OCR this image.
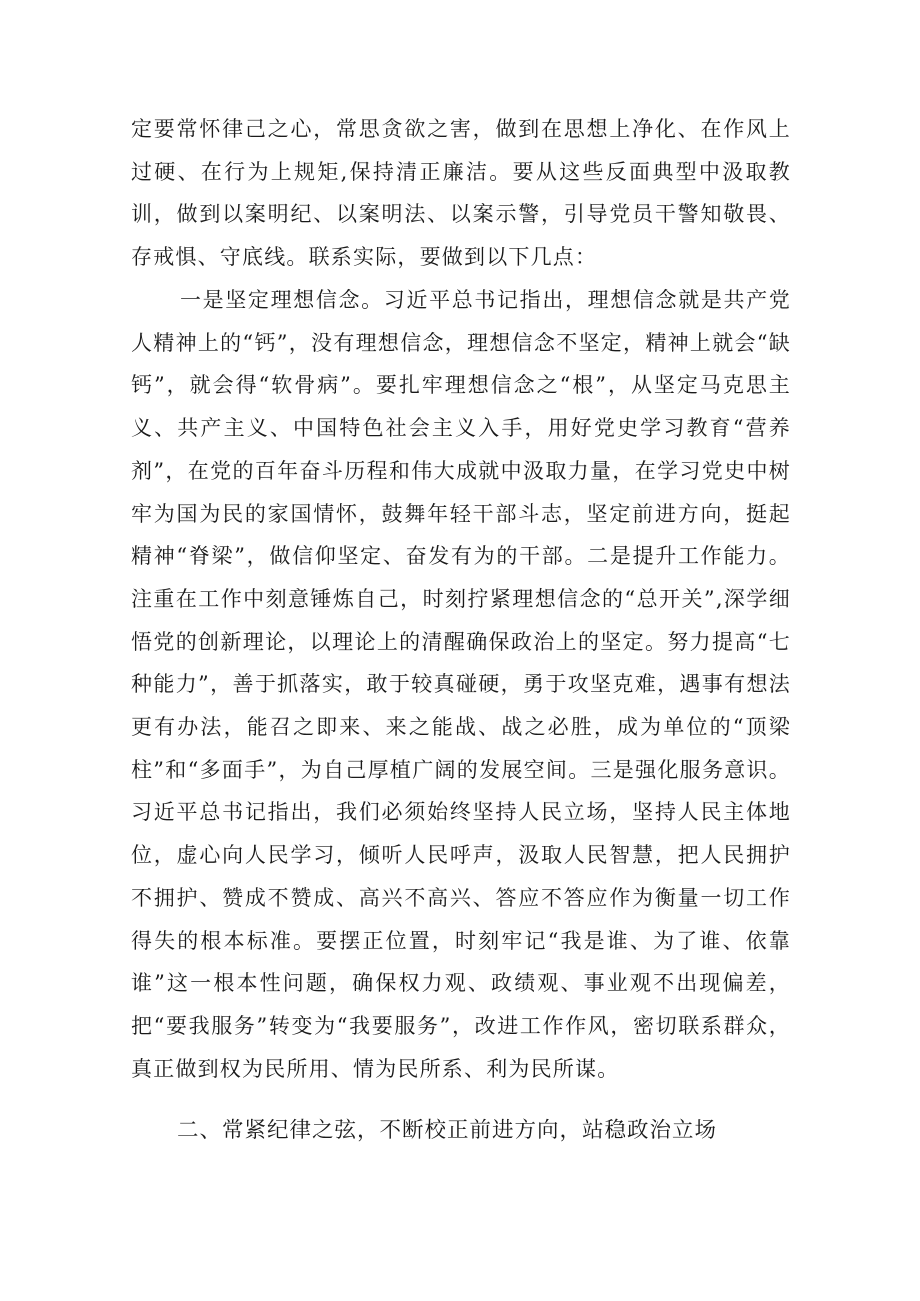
定要常怀律己之心，常思贪欲之害，做到在思想上净化、在作风上过硬、在行为上规矩,保持清正廉洁。要从这些反面典型中汲取教训，做到以案明纪、以案明法、以案示警，引导党员干警知敬畏、存戒惧、守底线。联系实际，要做到以下几点：

一是坚定理想信念。习近平总书记指出，理想信念就是共产党人精神上的“钙”，没有理想信念，理想信念不坚定，精神上就会“缺钙”，就会得“软骨病”。要扎牢理想信念之“根”，从坚定马克思主义、共产主义、中国特色社会主义入手，用好党史学习教育“营养剂”，在党的百年奋斗历程和伟大成就中汲取力量，在学习党史中树牢为国为民的家国情怀，鼓舞年轻干部斗志，坚定前进方向，挺起精神“脊梁”，做信仰坚定、奋发有为的干部。二是提升工作能力。注重在工作中刻意锤炼自己，时刻拧紧理想信念的“总开关”,深学细悟党的创新理论，以理论上的清醒确保政治上的坚定。努力提高“七种能力”，善于抓落实，敢于较真碰硬，勇于攻坚克难，遇事有想法更有办法，能召之即来、来之能战、战之必胜，成为单位的“顶梁柱”和“多面手”，为自己厚植广阔的发展空间。三是强化服务意识。习近平总书记指出，我们必须始终坚持人民立场，坚持人民主体地位，虚心向人民学习，倾听人民呼声，汲取人民智慧，把人民拥护不拥护、赞成不赞成、高兴不高兴、答应不答应作为衡量一切工作得失的根本标准。要摆正位置，时刻牢记“我是谁、为了谁、依靠谁”这一根本性问题，确保权力观、政绩观、事业观不出现偏差，把“要我服务”转变为“我要服务”，改进工作作风，密切联系群众，真正做到权为民所用、情为民所系、利为民所谋。

二、常紧纪律之弦，不断校正前进方向，站稳政治立场
